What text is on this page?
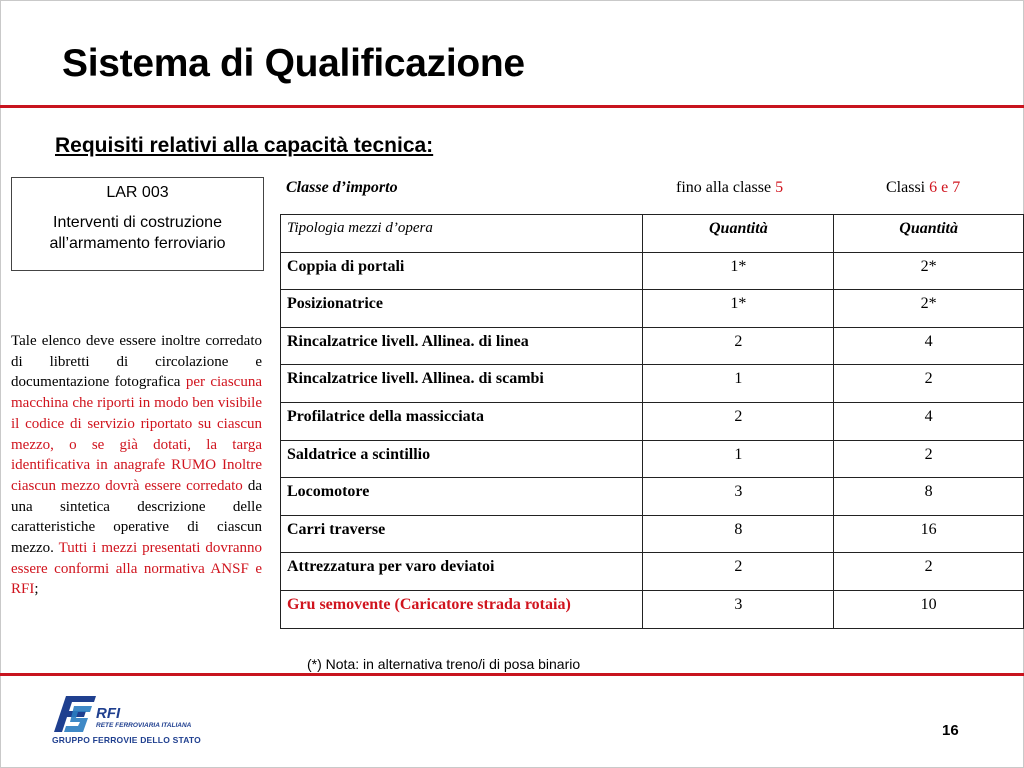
Sistema di Qualificazione
Requisiti relativi alla capacità tecnica:
LAR 003
Interventi di costruzione all’armamento ferroviario
Tale elenco deve essere inoltre corredato di libretti di circolazione e documentazione fotografica per ciascuna macchina che riporti in modo ben visibile il codice di servizio riportato su ciascun mezzo, o se già dotati, la targa identificativa in anagrafe RUMO Inoltre ciascun mezzo dovrà essere corredato da una sintetica descrizione delle caratteristiche operative di ciascun mezzo. Tutti i mezzi presentati dovranno essere conformi alla normativa ANSF e RFI;
Classe d’importo	fino alla classe 5	Classi 6 e 7
Tipologia mezzi d’opera	Quantità	Quantità
Coppia di portali	1*	2*
Posizionatrice	1*	2*
Rincalzatrice livell. Allinea. di linea	2	4
Rincalzatrice livell. Allinea. di scambi	1	2
Profilatrice della massicciata	2	4
Saldatrice a scintillio	1	2
Locomotore	3	8
Carri traverse	8	16
Attrezzatura per varo deviatoi	2	2
Gru semovente (Caricatore strada rotaia)	3	10
(*) Nota: in alternativa treno/i di posa binario
RFI
RETE FERROVIARIA ITALIANA
GRUPPO FERROVIE DELLO STATO
16
